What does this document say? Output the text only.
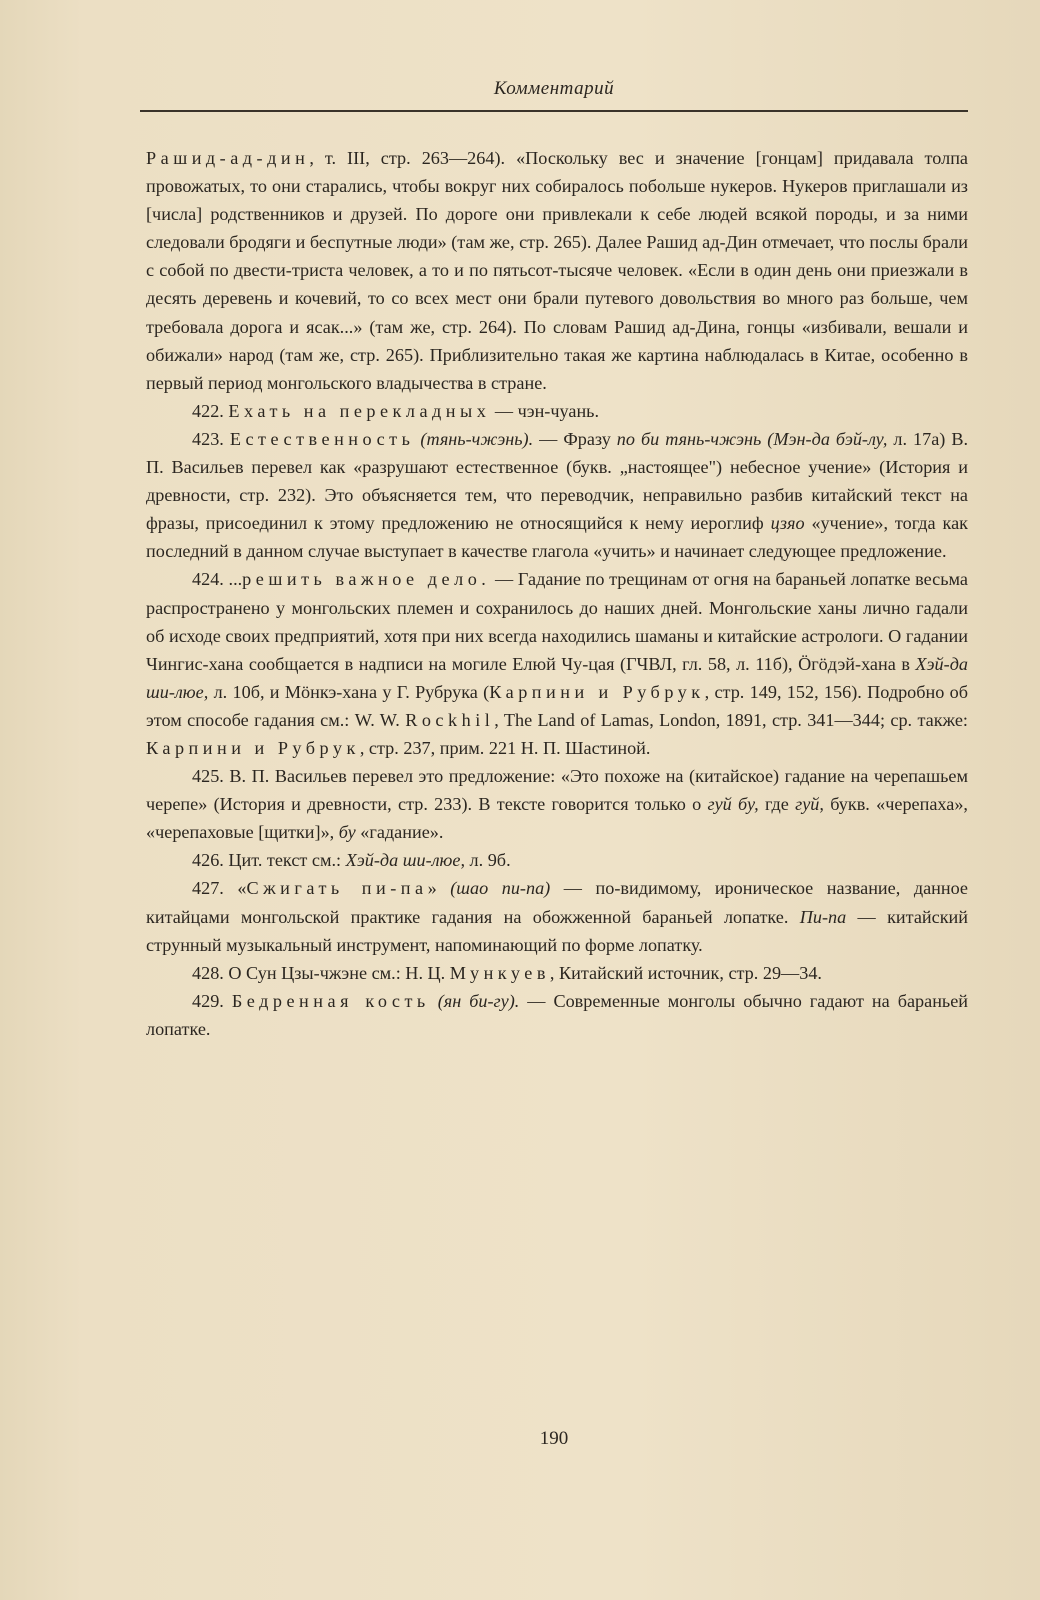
Комментарий

Рашид-ад-дин, т. III, стр. 263—264). «Поскольку вес и значение [гонцам] придавала толпа провожатых, то они старались, чтобы вокруг них собиралось побольше нукеров. Нукеров приглашали из [числа] родственников и друзей. По дороге они привлекали к себе людей всякой породы, и за ними следовали бродяги и беспутные люди» (там же, стр. 265). Далее Рашид ад-Дин отмечает, что послы брали с собой по двести-триста человек, а то и по пятьсот-тысяче человек. «Если в один день они приезжали в десять деревень и кочевий, то со всех мест они брали путевого довольствия во много раз больше, чем требовала дорога и ясак...» (там же, стр. 264). По словам Рашид ад-Дина, гонцы «избивали, вешали и обижали» народ (там же, стр. 265). Приблизительно такая же картина наблюдалась в Китае, особенно в первый период монгольского владычества в стране.

422. Ехать на перекладных — чэн-чуань.

423. Естественность (тянь-чжэнь). — Фразу по би тянь-чжэнь (Мэн-да бэй-лу, л. 17а) В. П. Васильев перевел как «разрушают естественное (букв. „настоящее") небесное учение» (История и древности, стр. 232). Это объясняется тем, что переводчик, неправильно разбив китайский текст на фразы, присоединил к этому предложению не относящийся к нему иероглиф цзяо «учение», тогда как последний в данном случае выступает в качестве глагола «учить» и начинает следующее предложение.

424. ...решить важное дело. — Гадание по трещинам от огня на бараньей лопатке весьма распространено у монгольских племен и сохранилось до наших дней. Монгольские ханы лично гадали об исходе своих предприятий, хотя при них всегда находились шаманы и китайские астрологи. О гадании Чингис-хана сообщается в надписи на могиле Елюй Чу-цая (ГЧВЛ, гл. 58, л. 11б), Ӧгӧдэй-хана в Хэй-да ши-люе, л. 10б, и Мӧнкэ-хана у Г. Рубрука (Карпини и Рубрук, стр. 149, 152, 156). Подробно об этом способе гадания см.: W. W. Rockhil, The Land of Lamas, London, 1891, стр. 341—344; ср. также: Карпини и Рубрук, стр. 237, прим. 221 Н. П. Шастиной.

425. В. П. Васильев перевел это предложение: «Это похоже на (китайское) гадание на черепашьем черепе» (История и древности, стр. 233). В тексте говорится только о гуй бу, где гуй, букв. «черепаха», «черепаховые [щитки]», бу «гадание».

426. Цит. текст см.: Хэй-да ши-люе, л. 9б.

427. «Сжигать пи-па» (шао пи-па) — по-видимому, ироническое название, данное китайцами монгольской практике гадания на обожженной бараньей лопатке. Пи-па — китайский струнный музыкальный инструмент, напоминающий по форме лопатку.

428. О Сун Цзы-чжэне см.: Н. Ц. Мункуев, Китайский источник, стр. 29—34.

429. Бедренная кость (ян би-гу). — Современные монголы обычно гадают на бараньей лопатке.

190
